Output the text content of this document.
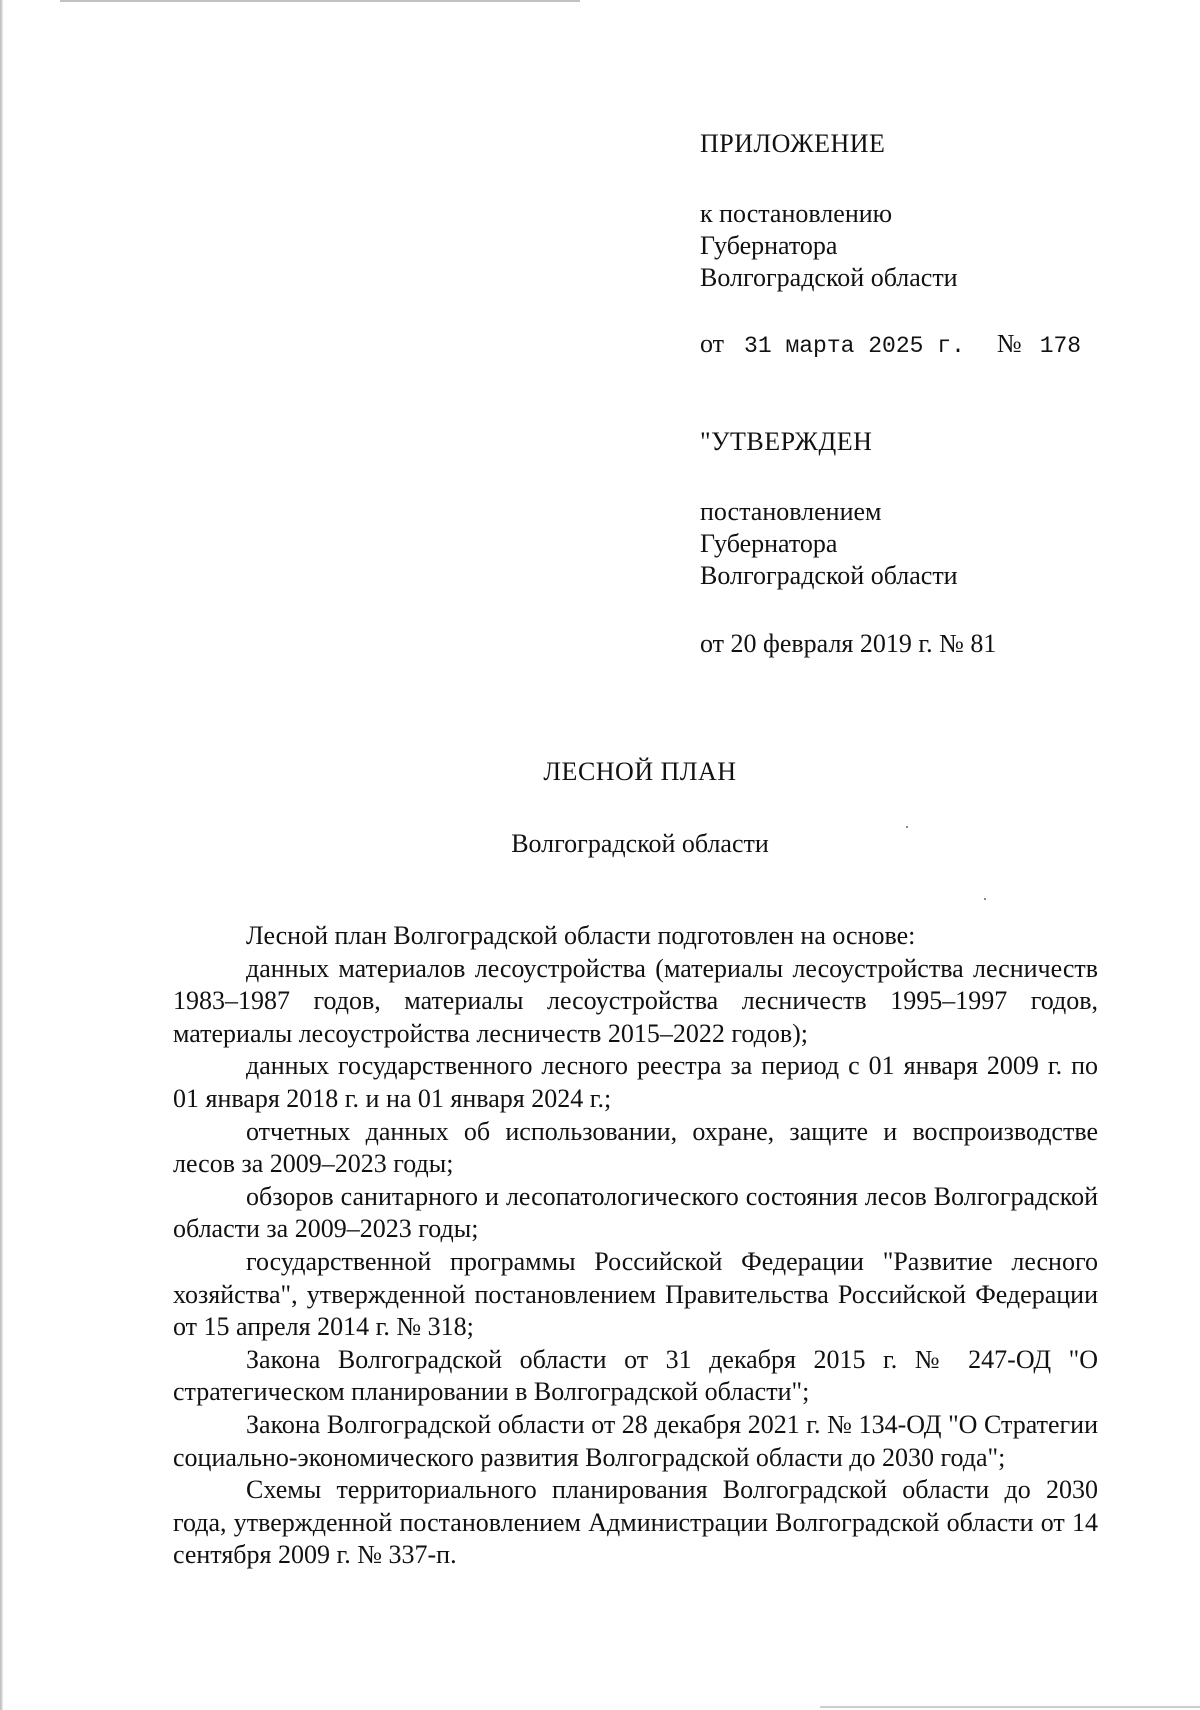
ПРИЛОЖЕНИЕ
к постановлению
Губернатора
Волгоградской области
от 31 марта 2025 г. № 178
"УТВЕРЖДЕН
постановлением
Губернатора
Волгоградской области
от 20 февраля 2019 г. № 81
ЛЕСНОЙ ПЛАН
Волгоградской области

Лесной план Волгоградской области подготовлен на основе:

данных материалов лесоустройства (материалы лесоустройства лесничеств 1983–1987 годов, материалы лесоустройства лесничеств 1995–1997 годов, материалы лесоустройства лесничеств 2015–2022 годов);

данных государственного лесного реестра за период с 01 января 2009 г. по 01 января 2018 г. и на 01 января 2024 г.;

отчетных данных об использовании, охране, защите и воспроизводстве лесов за 2009–2023 годы;

обзоров санитарного и лесопатологического состояния лесов Волгоградской области за 2009–2023 годы;

государственной программы Российской Федерации "Развитие лесного хозяйства", утвержденной постановлением Правительства Российской Федерации от 15 апреля 2014 г. № 318;

Закона Волгоградской области от 31 декабря 2015 г. № 247-ОД "О стратегическом планировании в Волгоградской области";

Закона Волгоградской области от 28 декабря 2021 г. № 134-ОД "О Стратегии социально-экономического развития Волгоградской области до 2030 года";

Схемы территориального планирования Волгоградской области до 2030 года, утвержденной постановлением Администрации Волгоградской области от 14 сентября 2009 г. № 337-п.
